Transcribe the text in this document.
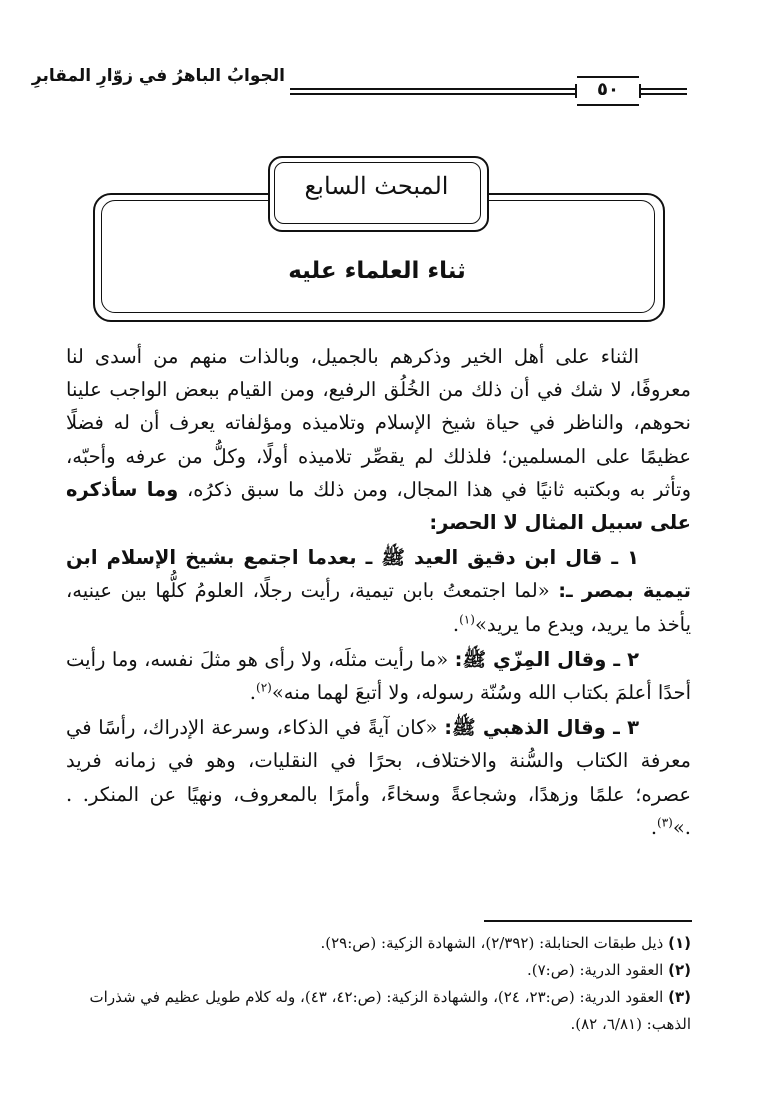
الجوابُ الباهرُ في زوّارِ المقابرِ
٥٠
المبحث السابع
ثناء العلماء عليه

الثناء على أهل الخير وذكرهم بالجميل، وبالذات منهم من أسدى لنا معروفًا، لا شك في أن ذلك من الخُلُق الرفيع، ومن القيام ببعض الواجب علينا نحوهم، والناظر في حياة شيخ الإسلام وتلاميذه ومؤلفاته يعرف أن له فضلًا عظيمًا على المسلمين؛ فلذلك لم يقصِّر تلاميذه أولًا، وكلُّ من عرفه وأحبّه، وتأثر به وبكتبه ثانيًا في هذا المجال، ومن ذلك ما سبق ذكرُه، وما سأذكره على سبيل المثال لا الحصر:

١ ـ قال ابن دقيق العيد ﷺ ـ بعدما اجتمع بشيخ الإسلام ابن تيمية بمصر ـ: «لما اجتمعتُ بابن تيمية، رأيت رجلًا، العلومُ كلُّها بين عينيه، يأخذ ما يريد، ويدع ما يريد»$^{(١)}$.

٢ ـ وقال المِزّي ﷺ: «ما رأيت مثلَه، ولا رأى هو مثلَ نفسه، وما رأيت أحدًا أعلمَ بكتاب الله وسُنّة رسوله، ولا أتبعَ لهما منه»$^{(٢)}$.

٣ ـ وقال الذهبي ﷺ: «كان آيةً في الذكاء، وسرعة الإدراك، رأسًا في معرفة الكتاب والسُّنة والاختلاف، بحرًا في النقليات، وهو في زمانه فريد عصره؛ علمًا وزهدًا، وشجاعةً وسخاءً، وأمرًا بالمعروف، ونهيًا عن المنكر. . .»$^{(٣)}$.

(١) ذيل طبقات الحنابلة: (٢/٣٩٢)، الشهادة الزكية: (ص:٢٩).

(٢) العقود الدرية: (ص:٧).

(٣) العقود الدرية: (ص:٢٣، ٢٤)، والشهادة الزكية: (ص:٤٢، ٤٣)، وله كلام طويل عظيم في شذرات الذهب: (٦/٨١، ٨٢).
